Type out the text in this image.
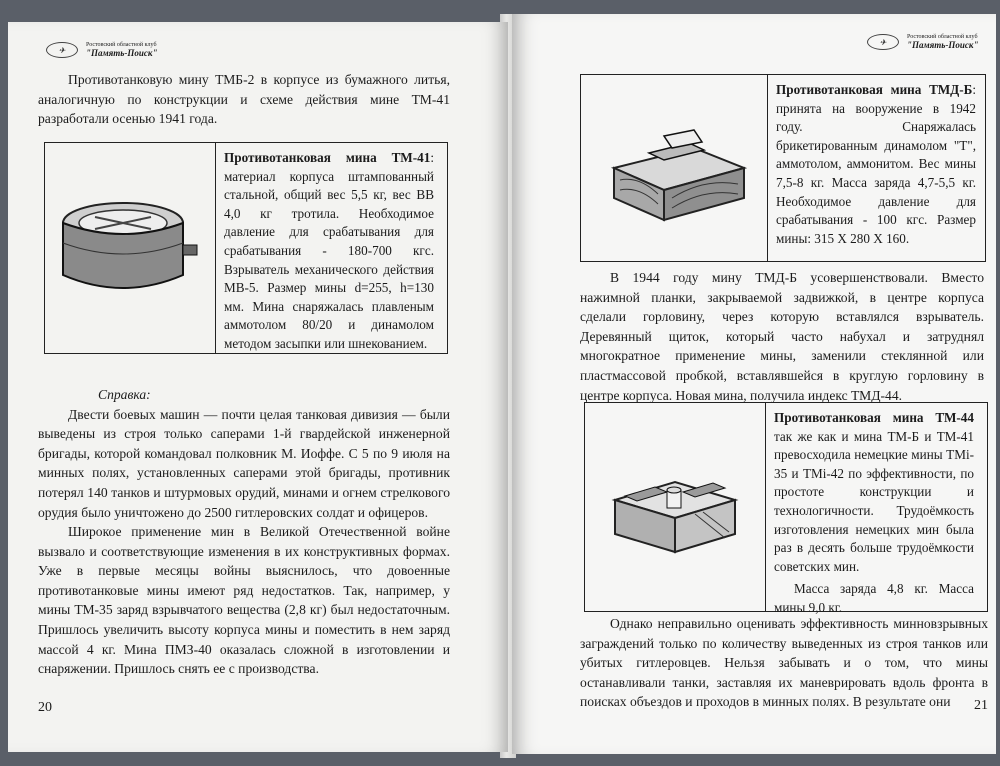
✈
Ростовский областной клуб
"Память-Поиск"

Противотанковую мину ТМБ-2 в корпусе из бумажного литья, аналогичную по конструкции и схеме действия мине ТМ-41 разработали осенью 1941 года.

Противотанковая мина ТМ-41: материал корпуса штампованный стальной, общий вес 5,5 кг, вес ВВ 4,0 кг тротила. Необходимое давление для срабатывания для срабатывания - 180-700 кгс. Взрыватель механического действия МВ-5. Размер мины d=255, h=130 мм. Мина снаряжалась плавленым аммотолом 80/20 и динамолом методом засыпки или шнекованием.

Справка:

Двести боевых машин — почти целая танковая дивизия — были выведены из строя только саперами 1-й гвардейской инженерной бригады, которой командовал полковник М. Иоффе. С 5 по 9 июля на минных полях, установленных саперами этой бригады, противник потерял 140 танков и штурмовых орудий, минами и огнем стрелкового орудия было уничтожено до 2500 гитлеровских солдат и офицеров.

Широкое применение мин в Великой Отечественной войне вызвало и соответствующие изменения в их конструктивных формах. Уже в первые месяцы войны выяснилось, что довоенные противотанковые мины имеют ряд недостатков. Так, например, у мины ТМ-35 заряд взрывчатого вещества (2,8 кг) был недостаточным. Пришлось увеличить высоту корпуса мины и поместить в нем заряд массой 4 кг. Мина ПМЗ-40 оказалась сложной в изготовлении и снаряжении. Пришлось снять ее с производства.

20
✈
Ростовский областной клуб
"Память-Поиск"
Противотанковая мина ТМД-Б: принята на вооружение в 1942 году. Снаряжалась брикетированным динамолом "Т", аммотолом, аммонитом. Вес мины 7,5-8 кг. Масса заряда 4,7-5,5 кг. Необходимое давление для срабатывания - 100 кгс. Размер мины: 315 Х 280 Х 160.

В 1944 году мину ТМД-Б усовершенствовали. Вместо нажимной планки, закрываемой задвижкой, в центре корпуса сделали горловину, через которую вставлялся взрыватель. Деревянный щиток, который часто набухал и затруднял многократное применение мины, заменили стеклянной или пластмассовой пробкой, вставлявшейся в круглую горловину в центре корпуса. Новая мина, получила индекс ТМД-44.

Противотанковая мина ТМ-44 так же как и мина ТМ-Б и ТМ-41 превосходила немецкие мины TMi-35 и TMi-42 по эффективности, по простоте конструкции и технологичности. Трудоёмкость изготовления немецких мин была раз в десять больше трудоёмкости советских мин.
Масса заряда 4,8 кг. Масса мины 9,0 кг.

Однако неправильно оценивать эффективность минновзрывных заграждений только по количеству выведенных из строя танков или убитых гитлеровцев. Нельзя забывать и о том, что мины останавливали танки, заставляя их маневрировать вдоль фронта в поисках объездов и проходов в минных полях. В результате они	21
